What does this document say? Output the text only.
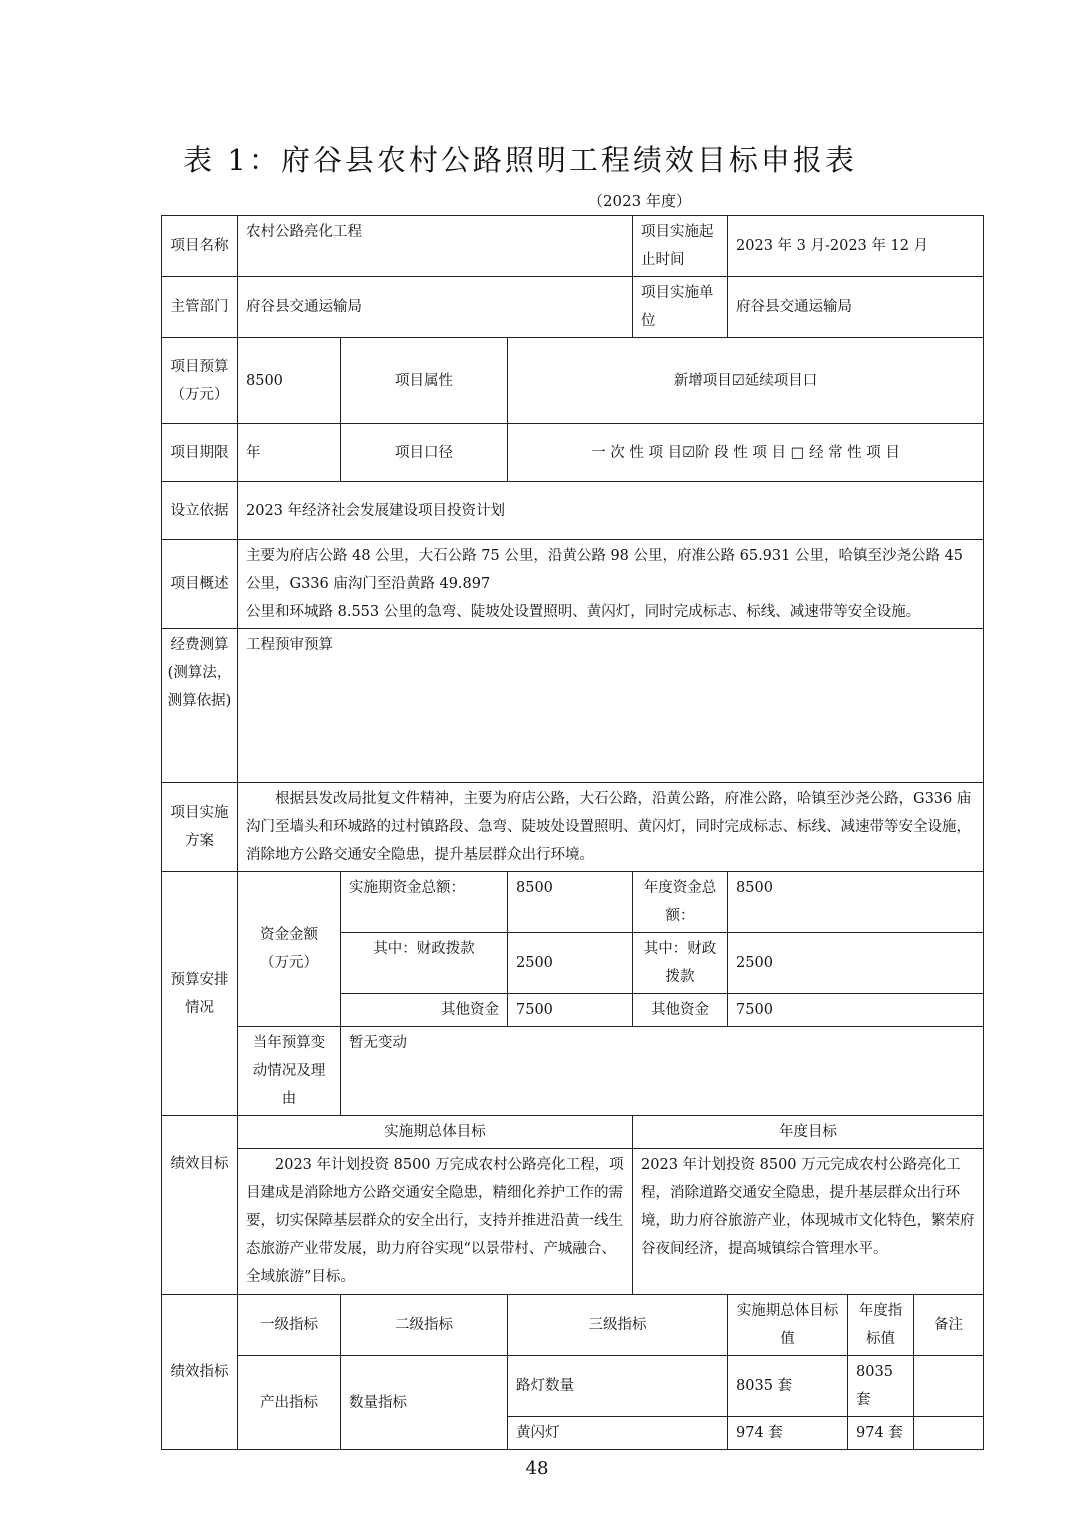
表 1：府谷县农村公路照明工程绩效目标申报表
（2023 年度）
项目名称	农村公路亮化工程			项目实施起止时间	2023 年 3 月-2023 年 12 月		
主管部门	府谷县交通运输局			项目实施单位	府谷县交通运输局		
项目预算（万元）	8500	项目属性	新增项目☑延续项目口				
项目期限	年	项目口径	一 次 性 项 目☑阶 段 性 项 目 □ 经 常 性 项 目				
设立依据	2023 年经济社会发展建设项目投资计划						
项目概述	主要为府店公路 48 公里，大石公路 75 公里，沿黄公路 98 公里，府准公路 65.931 公里，哈镇至沙尧公路 45 公里，G336 庙沟门至沿黄路 49.897
公里和环城路 8.553 公里的急弯、陡坡处设置照明、黄闪灯，同时完成标志、标线、减速带等安全设施。						

经费测算(测算法，测算依据)	工程预审预算						
项目实施方案	根据县发改局批复文件精神，主要为府店公路，大石公路，沿黄公路，府准公路，哈镇至沙尧公路，G336 庙沟门至墙头和环城路的过村镇路段、急弯、陡坡处设置照明、黄闪灯，同时完成标志、标线、减速带等安全设施，消除地方公路交通安全隐患，提升基层群众出行环境。						
预算安排情况	资金金额（万元）	实施期资金总额：	8500	年度资金总额：	8500		
		其中：财政拨款	2500	其中：财政拨款	2500		
		其他资金	7500	其他资金	7500		
	当年预算变动情况及理由	暂无变动					
绩效目标	实施期总体目标			年度目标			
	2023 年计划投资 8500 万完成农村公路亮化工程，项目建成是消除地方公路交通安全隐患，精细化养护工作的需要，切实保障基层群众的安全出行，支持并推进沿黄一线生态旅游产业带发展，助力府谷实现“以景带村、产城融合、全域旅游”目标。			2023 年计划投资 8500 万元完成农村公路亮化工程，消除道路交通安全隐患，提升基层群众出行环境，助力府谷旅游产业，体现城市文化特色，繁荣府谷夜间经济，提高城镇综合管理水平。			
绩效指标	一级指标	二级指标	三级指标		实施期总体目标值	年度指标值	备注
	产出指标	数量指标	路灯数量		8035 套	8035 套	
			黄闪灯		974 套	974 套	
48
